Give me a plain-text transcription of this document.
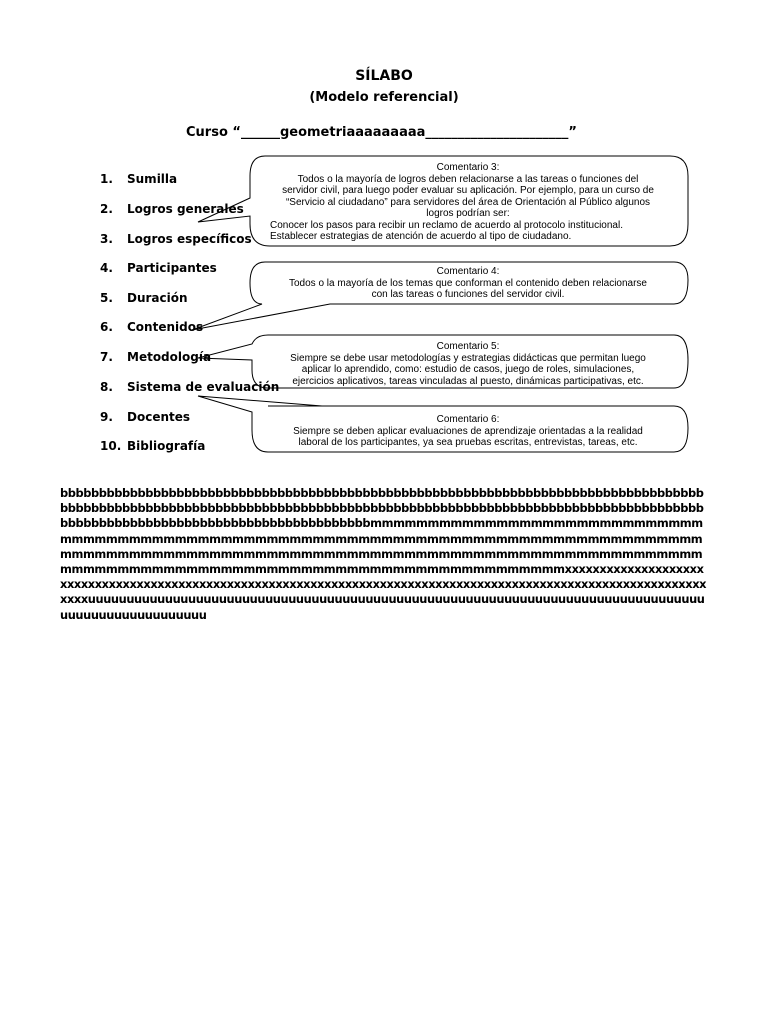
SÍLABO
(Modelo referencial)
Curso “______geometriaaaaaaaaa______________________”
1. Sumilla
2. Logros generales
3. Logros específicos
4. Participantes
5. Duración
6. Contenidos
7. Metodología
8. Sistema de evaluación
9. Docentes
10. Bibliografía
Comentario 3:
Todos o la mayoría de logros deben relacionarse a las tareas o funciones del
servidor civil, para luego poder evaluar su aplicación. Por ejemplo, para un curso de
“Servicio al ciudadano” para servidores del área de Orientación al Público algunos
logros podrían ser:
Conocer los pasos para recibir un reclamo de acuerdo al protocolo institucional.
Establecer estrategias de atención de acuerdo al tipo de ciudadano.
Comentario 4:
Todos o la mayoría de los temas que conforman el contenido deben relacionarse
con las tareas o funciones del servidor civil.
Comentario 5:
Siempre se debe usar metodologías y estrategias didácticas que permitan luego
aplicar lo aprendido, como: estudio de casos, juego de roles, simulaciones,
ejercicios aplicativos, tareas vinculadas al puesto, dinámicas participativas, etc.
Comentario 6:
Siempre se deben aplicar evaluaciones de aprendizaje orientadas a la realidad
laboral de los participantes, ya sea pruebas escritas, entrevistas, tareas, etc.
bbbbbbbbbbbbbbbbbbbbbbbbbbbbbbbbbbbbbbbbbbbbbbbbbbbbbbbbbbbbbbbbbbbbbbbbbbbbbbbbbbbbbbbbbbbbbbbbbbbbbbbbbbbbbbbbbbbbbbbbbbbbbbbbbbbbbbbbbbbbbbbbbbbbbbbbbbbbbbbbbbbbbbbbbbbbbbbbbbbbbbbbbbbbbbbbbbbbbbbbbbbbbbmmmmmmmmmmmmmmmmmmmmmmmmmmmmmmmmmmmmmmmmmmmmmmmmmmmmmmmmmmmmmmmmmmmmmmmmmmmmmmmmmmmmmmmmmmmmmmmmmmmmmmmmmmmmmmmmmmmmmmmmmmmmmmmmmmmmmmmmmmmmmmmmmmmmmmmmmmmmmmmmmmmmmmmmmmmmmmmmmmmmmmmmmxxxxxxxxxxxxxxxxxxxxxxxxxxxxxxxxxxxxxxxxxxxxxxxxxxxxxxxxxxxxxxxxxxxxxxxxxxxxxxxxxxxxxxxxxxxxxxxxxxxxxxxxxxxxxxxxxxxxxuuuuuuuuuuuuuuuuuuuuuuuuuuuuuuuuuuuuuuuuuuuuuuuuuuuuuuuuuuuuuuuuuuuuuuuuuuuuuuuuuuuuuuuuuuuuuuuuuuu
